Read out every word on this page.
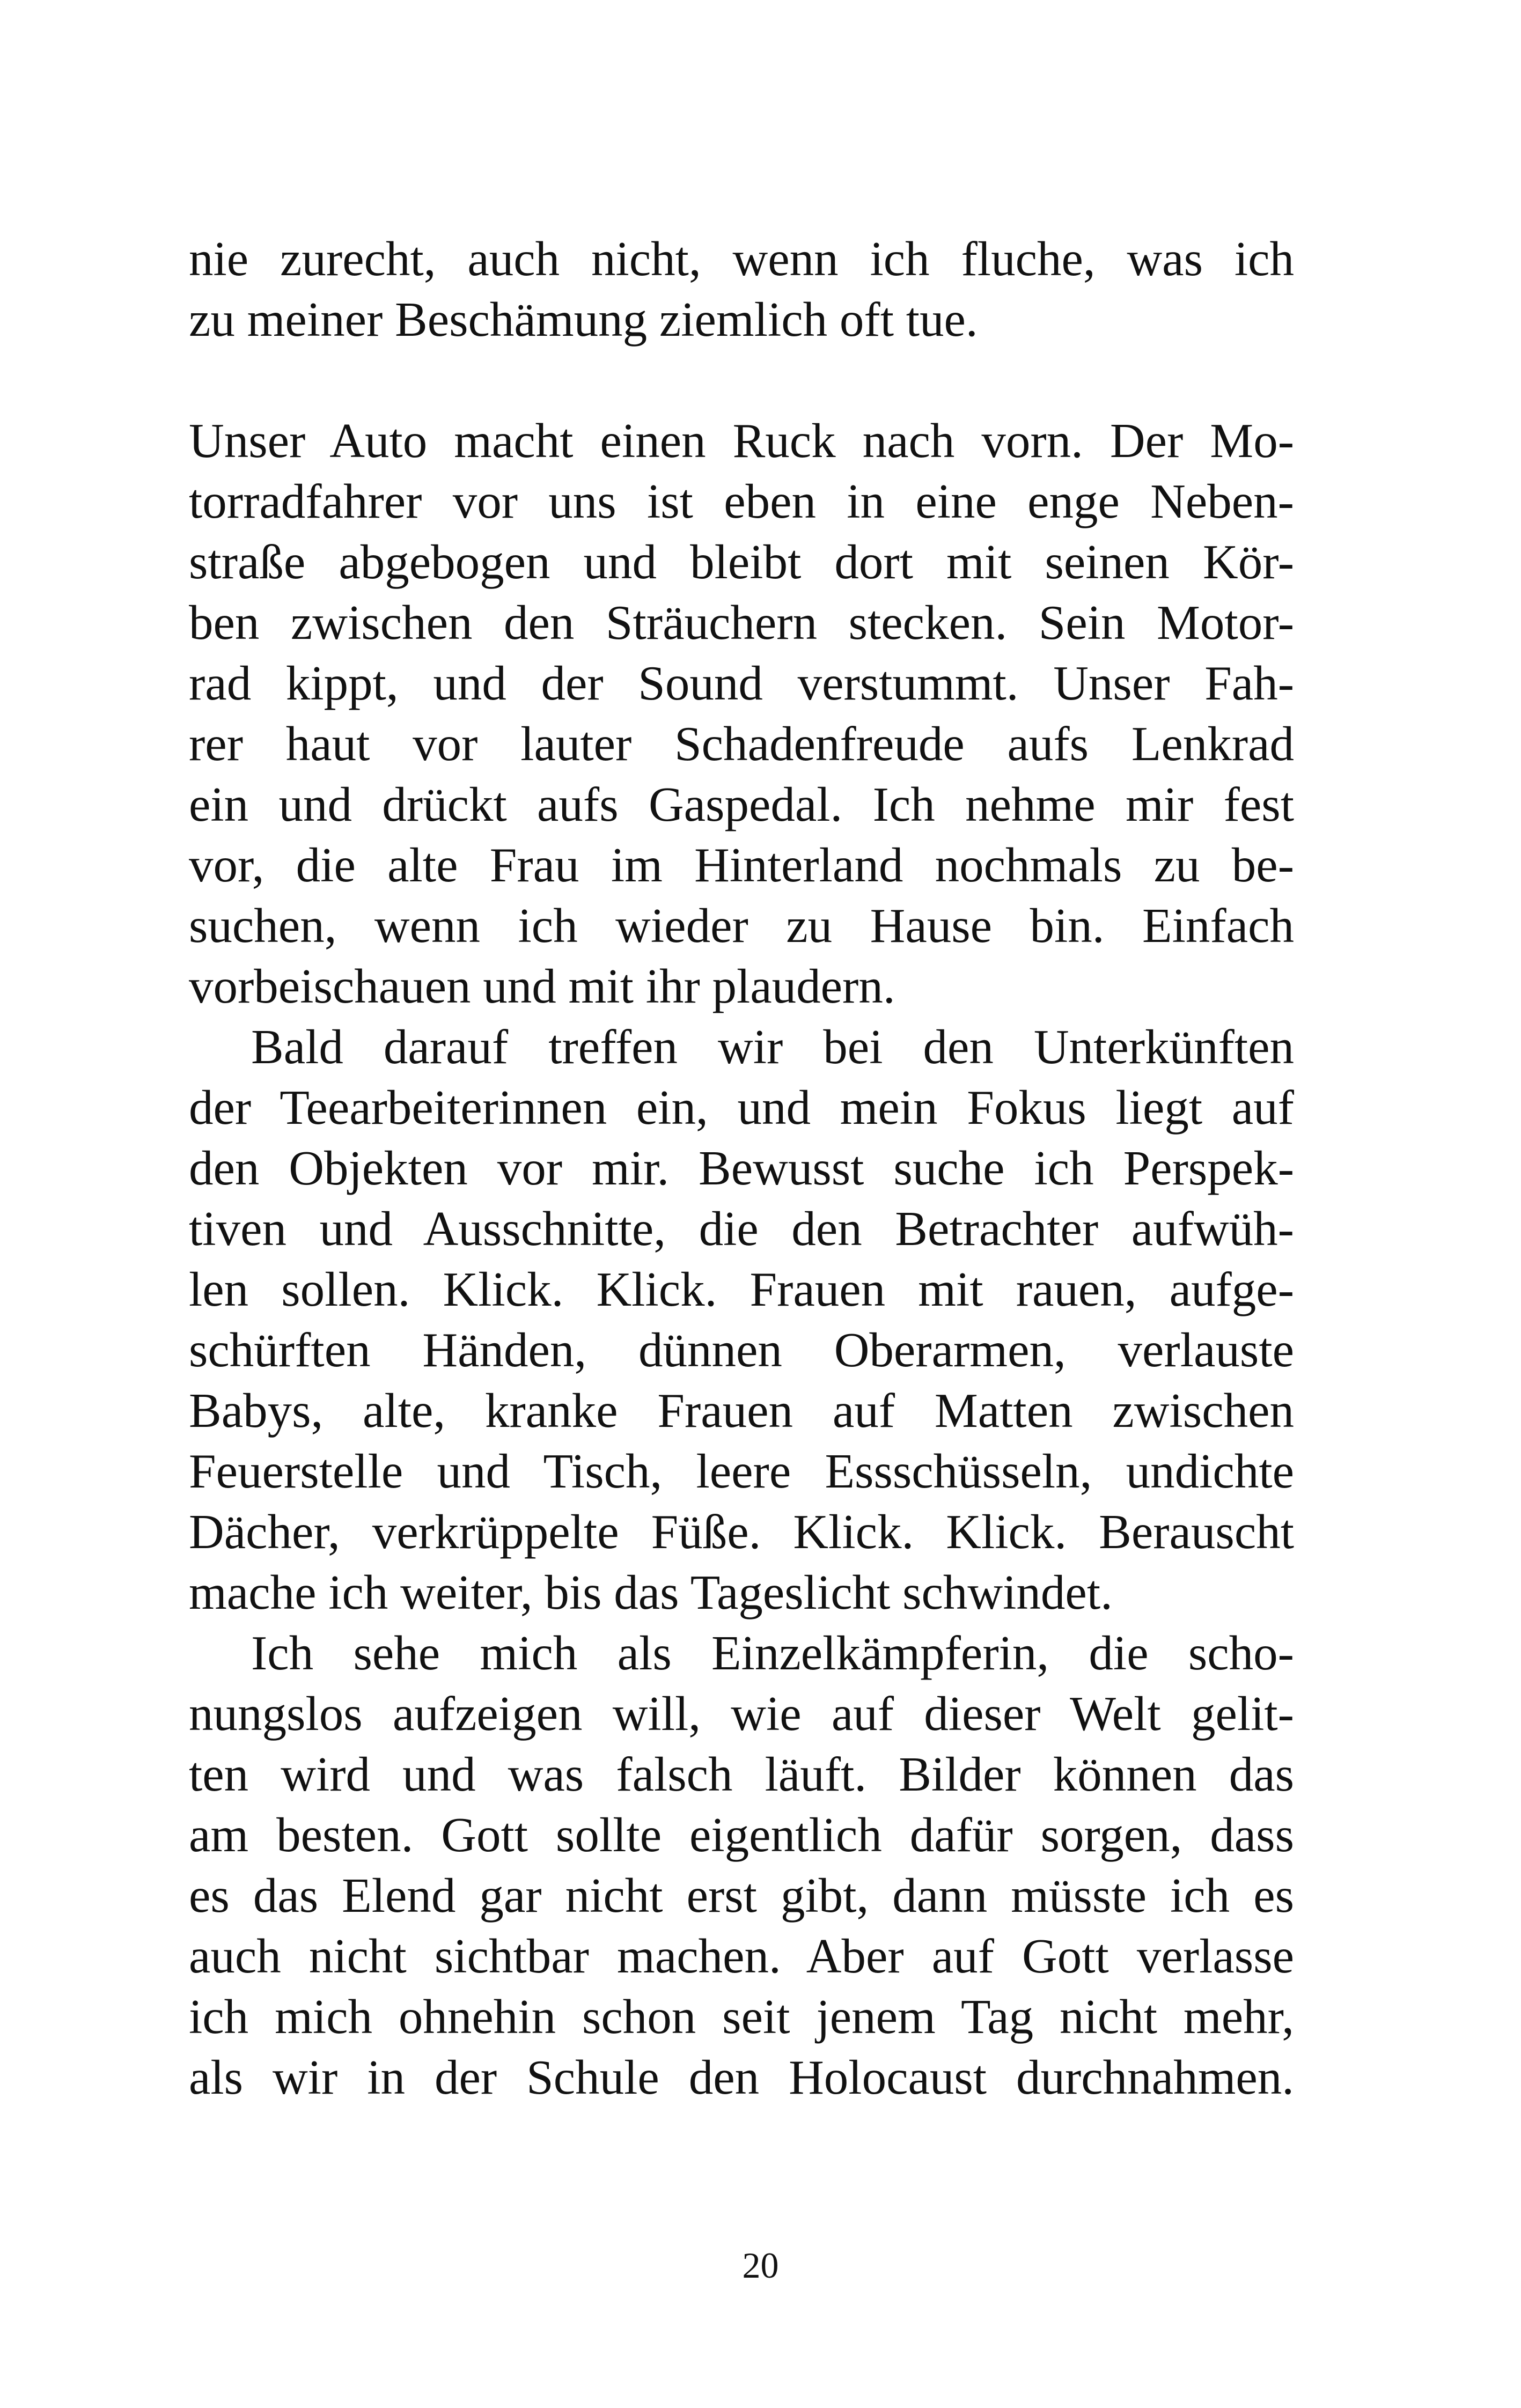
nie zurecht, auch nicht, wenn ich fluche, was ich
zu meiner Beschämung ziemlich oft tue.
Unser Auto macht einen Ruck nach vorn. Der Mo-
torradfahrer vor uns ist eben in eine enge Neben-
straße abgebogen und bleibt dort mit seinen Kör-
ben zwischen den Sträuchern stecken. Sein Motor-
rad kippt, und der Sound verstummt. Unser Fah-
rer haut vor lauter Schadenfreude aufs Lenkrad
ein und drückt aufs Gaspedal. Ich nehme mir fest
vor, die alte Frau im Hinterland nochmals zu be-
suchen, wenn ich wieder zu Hause bin. Einfach
vorbeischauen und mit ihr plaudern.
Bald darauf treffen wir bei den Unterkünften
der Teearbeiterinnen ein, und mein Fokus liegt auf
den Objekten vor mir. Bewusst suche ich Perspek-
tiven und Ausschnitte, die den Betrachter aufwüh-
len sollen. Klick. Klick. Frauen mit rauen, aufge-
schürften Händen, dünnen Oberarmen, verlauste
Babys, alte, kranke Frauen auf Matten zwischen
Feuerstelle und Tisch, leere Essschüsseln, undichte
Dächer, verkrüppelte Füße. Klick. Klick. Berauscht
mache ich weiter, bis das Tageslicht schwindet.
Ich sehe mich als Einzelkämpferin, die scho-
nungslos aufzeigen will, wie auf dieser Welt gelit-
ten wird und was falsch läuft. Bilder können das
am besten. Gott sollte eigentlich dafür sorgen, dass
es das Elend gar nicht erst gibt, dann müsste ich es
auch nicht sichtbar machen. Aber auf Gott verlasse
ich mich ohnehin schon seit jenem Tag nicht mehr,
als wir in der Schule den Holocaust durchnahmen.
20
